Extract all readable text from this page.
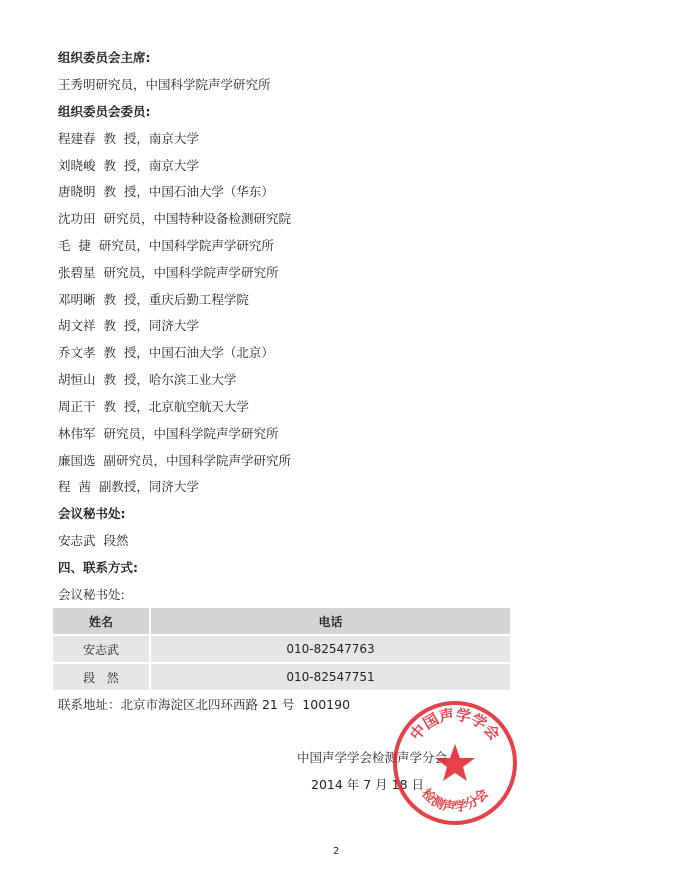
组织委员会主席:
王秀明研究员，中国科学院声学研究所
组织委员会委员:
程建春  教  授，南京大学
刘晓峻  教  授，南京大学
唐晓明  教  授，中国石油大学（华东）
沈功田  研究员，中国特种设备检测研究院
毛  捷  研究员，中国科学院声学研究所
张碧星  研究员，中国科学院声学研究所
邓明晰  教  授，重庆后勤工程学院
胡文祥  教  授，同济大学
乔文孝  教  授，中国石油大学（北京）
胡恒山  教  授，哈尔滨工业大学
周正干  教  授，北京航空航天大学
林伟军  研究员，中国科学院声学研究所
廉国选  副研究员，中国科学院声学研究所
程  茜  副教授，同济大学
会议秘书处:
安志武  段然
四、联系方式:
会议秘书处:
姓名	电话
安志武	010-82547763
段   然	010-82547751
联系地址：北京市海淀区北四环西路 21 号  100190
中国声学学会检测声学分会
2014 年 7 月 18 日
中国声学学会
检测声学分会
2
